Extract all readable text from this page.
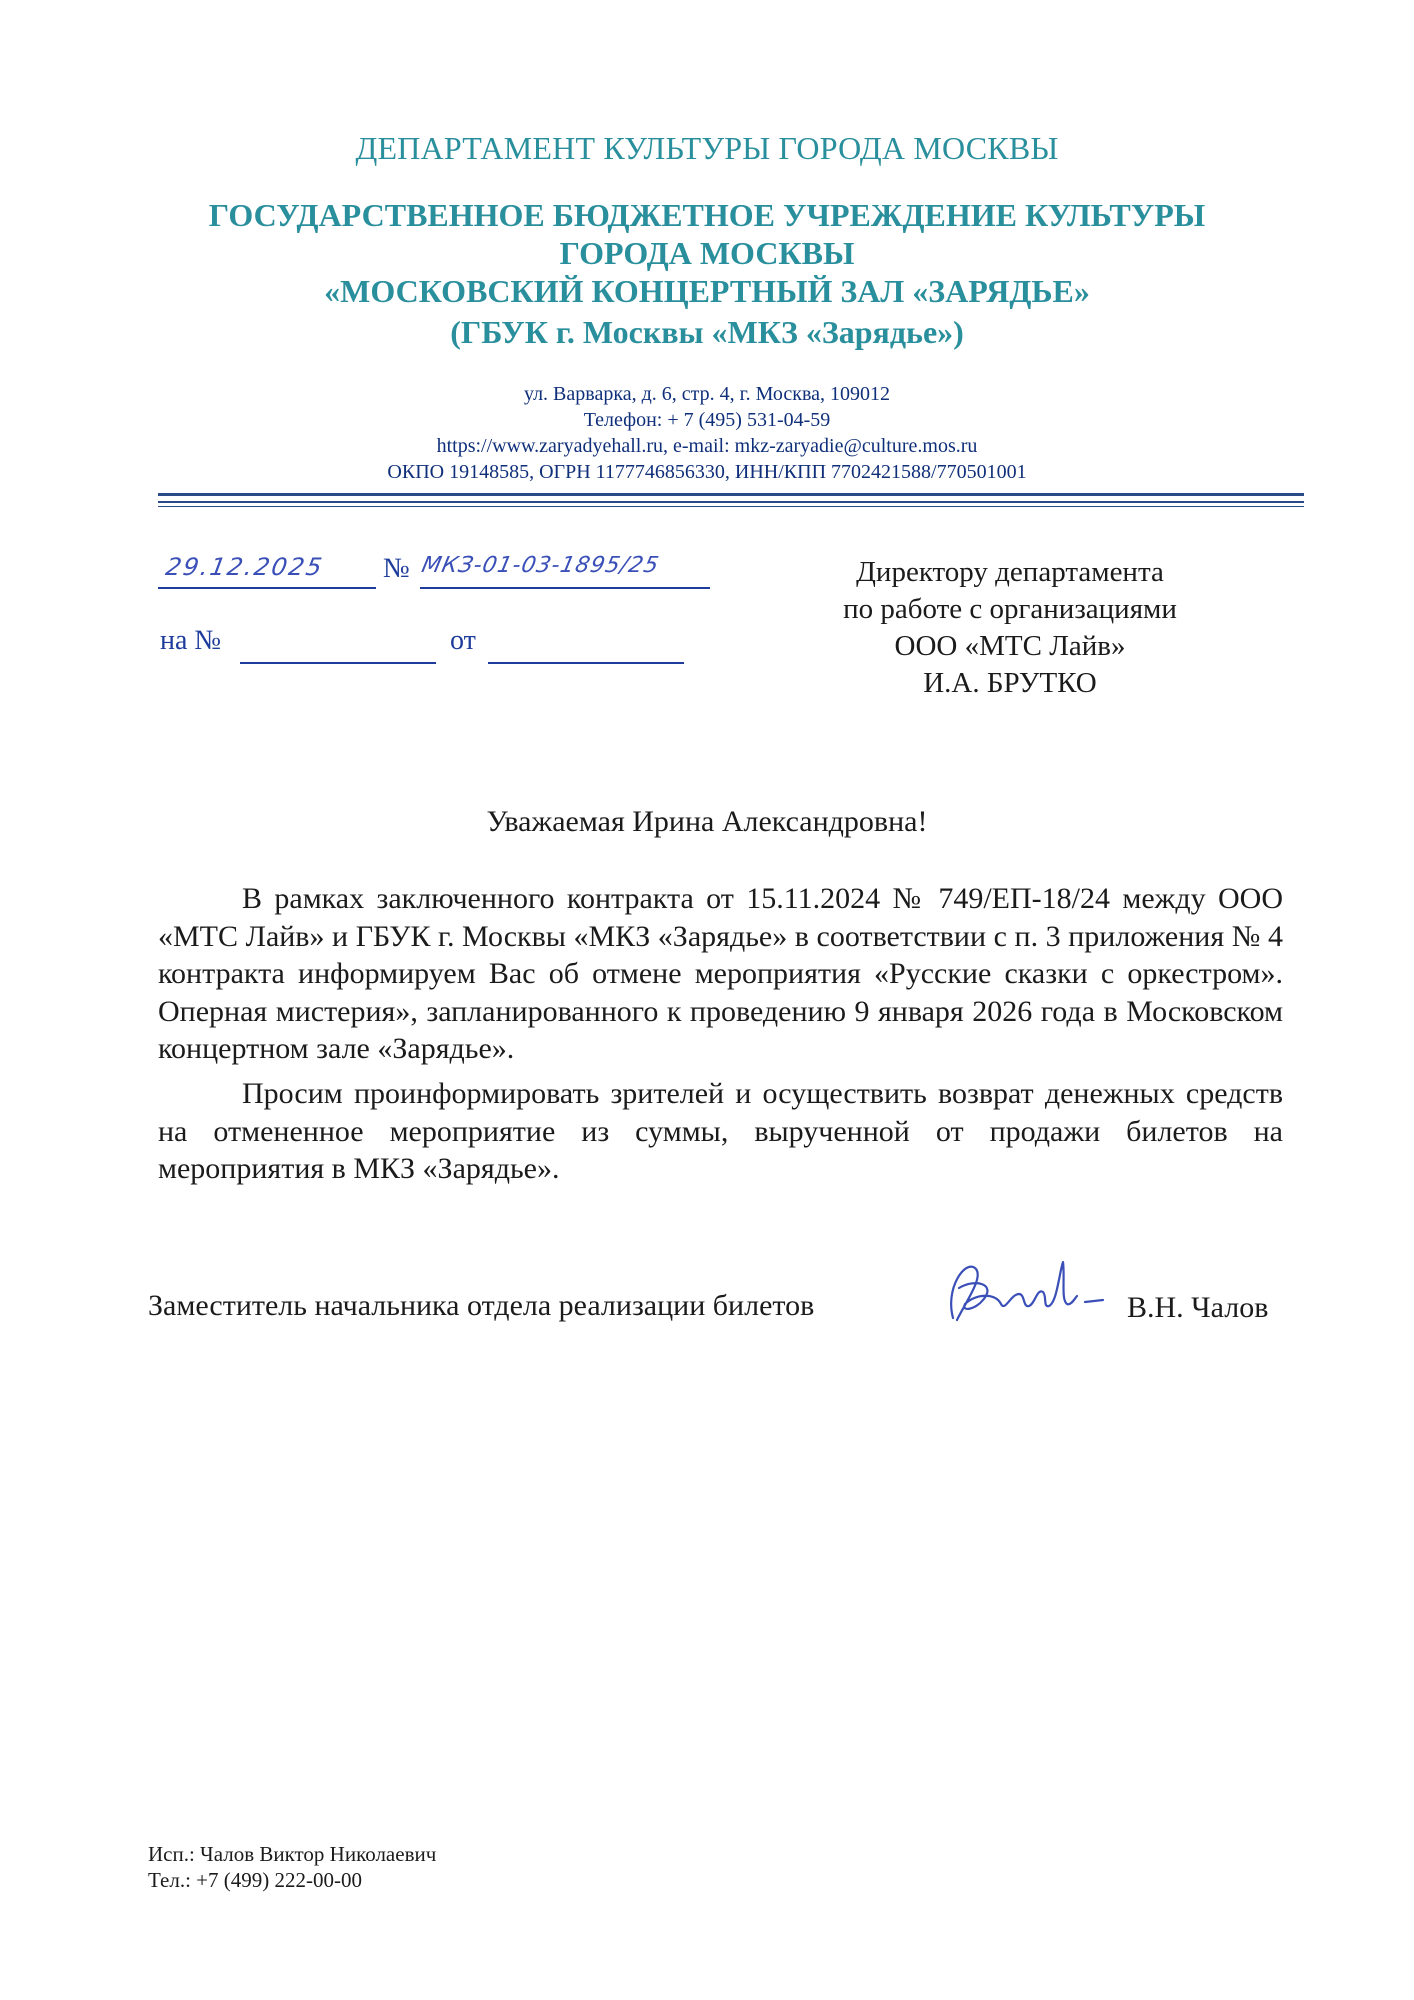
ДЕПАРТАМЕНТ КУЛЬТУРЫ ГОРОДА МОСКВЫ
ГОСУДАРСТВЕННОЕ БЮДЖЕТНОЕ УЧРЕЖДЕНИЕ КУЛЬТУРЫ
ГОРОДА МОСКВЫ
«МОСКОВСКИЙ КОНЦЕРТНЫЙ ЗАЛ «ЗАРЯДЬЕ»
(ГБУК г. Москвы «МКЗ «Зарядье»)
ул. Варварка, д. 6, стр. 4, г. Москва, 109012
Телефон: + 7 (495) 531-04-59
https://www.zaryadyehall.ru, e-mail: mkz-zaryadie@culture.mos.ru
ОКПО 19148585, ОГРН 1177746856330, ИНН/КПП 7702421588/770501001
29.12.2025 № МКЗ-01-03-1895/25
на №	от
Директору департамента
по работе с организациями
ООО «МТС Лайв»
И.А. БРУТКО
Уважаемая Ирина Александровна!

В рамках заключенного контракта от 15.11.2024 № 749/ЕП-18/24 между ООО «МТС Лайв» и ГБУК г. Москвы «МКЗ «Зарядье» в соответствии с п. 3 приложения № 4 контракта информируем Вас об отмене мероприятия «Русские сказки с оркестром». Оперная мистерия», запланированного к проведению 9 января 2026 года в Московском концертном зале «Зарядье».

Просим проинформировать зрителей и осуществить возврат денежных средств на отмененное мероприятие из суммы, вырученной от продажи билетов на мероприятия в МКЗ «Зарядье».

Заместитель начальника отдела реализации билетов	В.Н. Чалов
Исп.: Чалов Виктор Николаевич
Тел.: +7 (499) 222-00-00
